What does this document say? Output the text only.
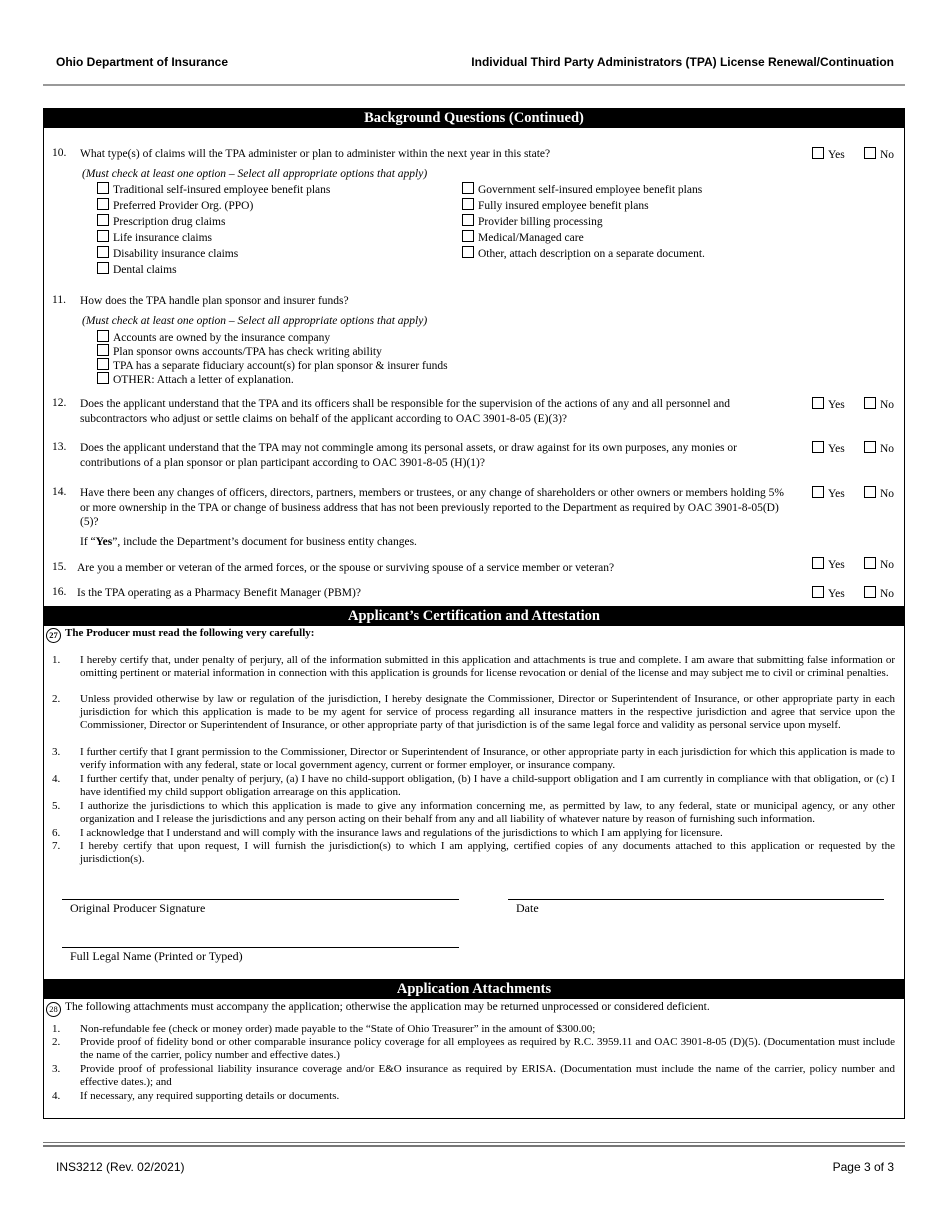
Ohio Department of Insurance	Individual Third Party Administrators (TPA) License Renewal/Continuation
Background Questions (Continued)
10. What type(s) of claims will the TPA administer or plan to administer within the next year in this state?	Yes	No
(Must check at least one option – Select all appropriate options that apply)
Traditional self-insured employee benefit plans
Preferred Provider Org. (PPO)
Prescription drug claims
Life insurance claims
Disability insurance claims
Dental claims
Government self-insured employee benefit plans
Fully insured employee benefit plans
Provider billing processing
Medical/Managed care
Other, attach description on a separate document.
11. How does the TPA handle plan sponsor and insurer funds?
(Must check at least one option – Select all appropriate options that apply)
Accounts are owned by the insurance company
Plan sponsor owns accounts/TPA has check writing ability
TPA has a separate fiduciary account(s) for plan sponsor & insurer funds
OTHER: Attach a letter of explanation.
12. Does the applicant understand that the TPA and its officers shall be responsible for the supervision of the actions of any and all personnel and subcontractors who adjust or settle claims on behalf of the applicant according to OAC 3901-8-05 (E)(3)?
Yes	No
13. Does the applicant understand that the TPA may not commingle among its personal assets, or draw against for its own purposes, any monies or contributions of a plan sponsor or plan participant according to OAC 3901-8-05 (H)(1)?
Yes	No
14. Have there been any changes of officers, directors, partners, members or trustees, or any change of shareholders or other owners or members holding 5% or more ownership in the TPA or change of business address that has not been previously reported to the Department as required by OAC 3901-8-05(D)(5)?
Yes	No
If “Yes”, include the Department’s document for business entity changes.
15. Are you a member or veteran of the armed forces, or the spouse or surviving spouse of a service member or veteran?	Yes	No
16. Is the TPA operating as a Pharmacy Benefit Manager (PBM)?	Yes	No
Applicant’s Certification and Attestation
27 The Producer must read the following very carefully:
1. I hereby certify that, under penalty of perjury, all of the information submitted in this application and attachments is true and complete. I am aware that submitting false information or omitting pertinent or material information in connection with this application is grounds for license revocation or denial of the license and may subject me to civil or criminal penalties.
2. Unless provided otherwise by law or regulation of the jurisdiction, I hereby designate the Commissioner, Director or Superintendent of Insurance, or other appropriate party in each jurisdiction for which this application is made to be my agent for service of process regarding all insurance matters in the respective jurisdiction and agree that service upon the Commissioner, Director or Superintendent of Insurance, or other appropriate party of that jurisdiction is of the same legal force and validity as personal service upon myself.
3. I further certify that I grant permission to the Commissioner, Director or Superintendent of Insurance, or other appropriate party in each jurisdiction for which this application is made to verify information with any federal, state or local government agency, current or former employer, or insurance company.
4. I further certify that, under penalty of perjury, (a) I have no child-support obligation, (b) I have a child-support obligation and I am currently in compliance with that obligation, or (c) I have identified my child support obligation arrearage on this application.
5. I authorize the jurisdictions to which this application is made to give any information concerning me, as permitted by law, to any federal, state or municipal agency, or any other organization and I release the jurisdictions and any person acting on their behalf from any and all liability of whatever nature by reason of furnishing such information.
6. I acknowledge that I understand and will comply with the insurance laws and regulations of the jurisdictions to which I am applying for licensure.
7. I hereby certify that upon request, I will furnish the jurisdiction(s) to which I am applying, certified copies of any documents attached to this application or requested by the jurisdiction(s).
Original Producer Signature	Date
Full Legal Name (Printed or Typed)
Application Attachments
28 The following attachments must accompany the application; otherwise the application may be returned unprocessed or considered deficient.
1. Non-refundable fee (check or money order) made payable to the “State of Ohio Treasurer” in the amount of $300.00;
2. Provide proof of fidelity bond or other comparable insurance policy coverage for all employees as required by R.C. 3959.11 and OAC 3901-8-05 (D)(5). (Documentation must include the name of the carrier, policy number and effective dates.)
3. Provide proof of professional liability insurance coverage and/or E&O insurance as required by ERISA. (Documentation must include the name of the carrier, policy number and effective dates.); and
4. If necessary, any required supporting details or documents.
INS3212 (Rev. 02/2021)	Page 3 of 3
